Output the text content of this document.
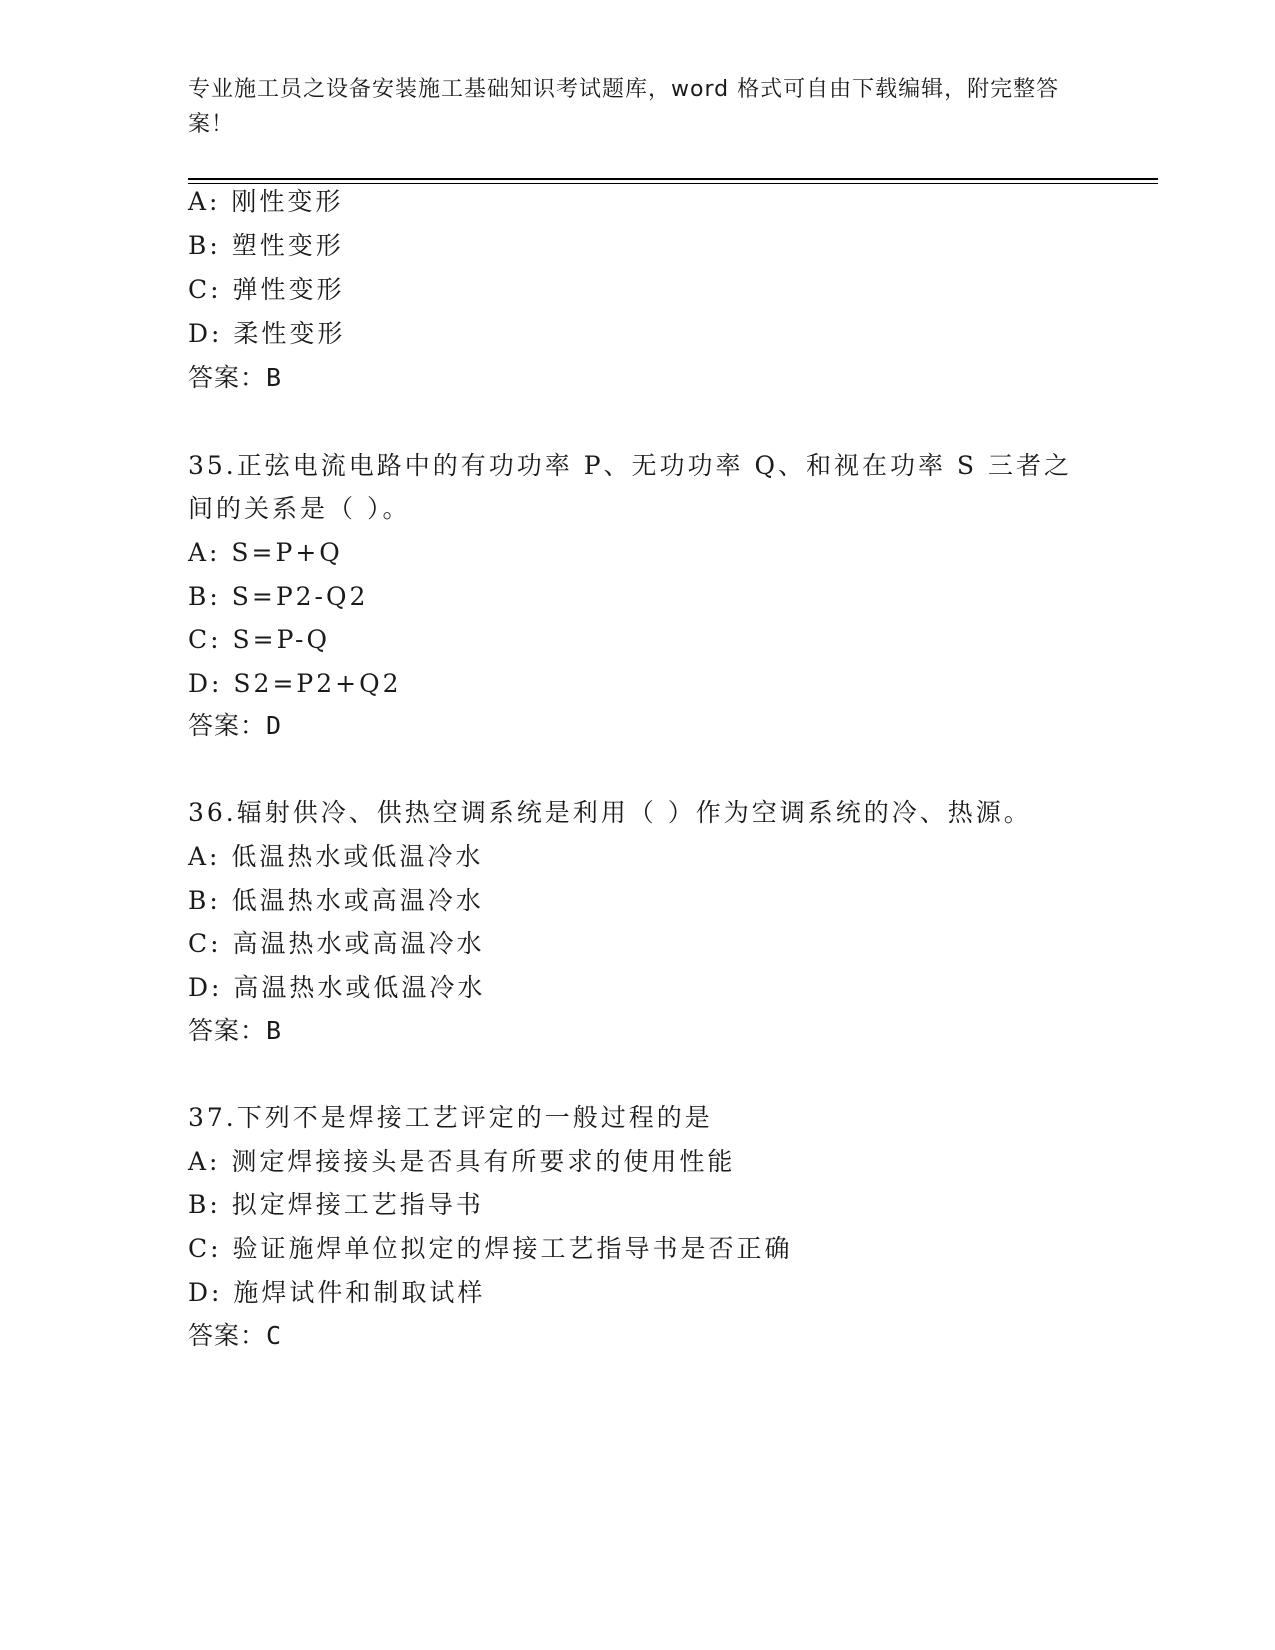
专业施工员之设备安装施工基础知识考试题库，word 格式可自由下载编辑，附完整答案！
A: 刚性变形
B: 塑性变形
C: 弹性变形
D: 柔性变形
答案：B
35.正弦电流电路中的有功功率 P、无功功率 Q、和视在功率 S 三者之
间的关系是（ ）。
A: S=P+Q
B: S=P2-Q2
C: S=P-Q
D: S2=P2+Q2
答案：D
36.辐射供冷、供热空调系统是利用（ ）作为空调系统的冷、热源。
A: 低温热水或低温冷水
B: 低温热水或高温冷水
C: 高温热水或高温冷水
D: 高温热水或低温冷水
答案：B
37.下列不是焊接工艺评定的一般过程的是
A: 测定焊接接头是否具有所要求的使用性能
B: 拟定焊接工艺指导书
C: 验证施焊单位拟定的焊接工艺指导书是否正确
D: 施焊试件和制取试样
答案：C
